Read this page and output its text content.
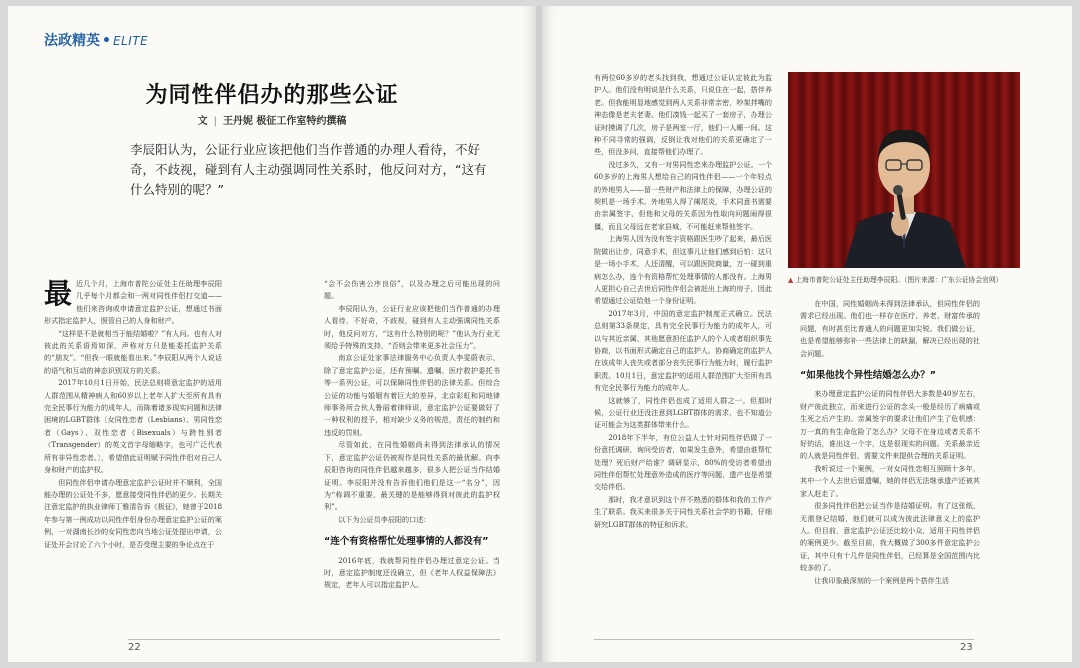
法政精英 • ELITE
为同性伴侣办的那些公证
文 | 王丹妮 极征工作室特约撰稿
李辰阳认为，公证行业应该把他们当作普通的办理人看待，不好奇，不歧视，碰到有人主动强调同性关系时，他反问对方，“这有什么特别的呢？”

最近几个月，上海市普陀公证处主任助理李辰阳几乎每个月都会和一两对同性伴侣打交道——他们来咨询或申请意定监护公证，想通过书面形式指定监护人，照管自己的人身和财产。

“这样是不是就相当于能结婚啦？”有人问。也有人对彼此的关系语焉如深，声称对方只是能委托监护关系的“朋友”。“但我一眼就能看出来。”李辰阳从两个人说话的语气和互动的神态识别双方的关系。

2017年10月1日开始，民法总则将意定监护的适用人群范围从精神病人和60岁以上老年人扩大至所有具有完全民事行为能力的成年人，而陈着诸多现实问题和法律困境的LGBT群体〔女同性恋者（Lesbians）、男同性恋者（Gays）、双性恋者（Bisexuals）与跨性别者（Transgender）的英文首字母缩略字，也可广泛代表所有非异性恋者。〕，希望借此证明赋予同性伴侣对自己人身和财产的监护权。

但同性伴侣申请办理意定监护公证时并不顺利，全国能办理的公证处不多，愿意接受同性伴侣的更少。长期关注意定监护的执业律师丁雅清告诉《极征》，她曾于2018年参与第一例成功以同性伴侣身份办理意定监护公证的案例，一对湖南长沙的女同性恋向当地公证处提出申请，公证处开会讨论了六个小时，是否受理主要的争论点在于

“会不会伤害公序良俗”，以及办理之后可能出现的问题。

李辰阳认为，公证行业应该把他们当作普通的办理人看待，不好奇，不歧视，碰到有人主动强调同性关系时，他反问对方，“这有什么特别的呢？”他认为行业无须给予特殊的支持，“否则会带来更多社会压力”。

南京公证处家事法律服务中心负责人李雯蔚表示，除了意定监护公证，还有预嘱、遗嘱、医疗救护委托书等一系列公证，可以保障同性伴侣的法律关系。但综合公证的功能与婚姻有着巨大的差异，北京彩虹和同地律师事务所合伙人鲁丽着律师说，意定监护公证要做好了一种权利的授予，相对缺少义务的规范，责任的制约和违反的罚则。

尽管如此，在同性婚姻尚未得到法律承认的情况下，意定监护公证仍被视作是同性关系的最优解。向李辰阳咨询的同性伴侣越来越多，很多人把公证当作结婚证明。李辰阳并没有告诉他们他们是这一“名分”，因为“称调不重要，最关键的是能够得到对彼此的监护权利”。

以下为公证员李辰阳的口述：

“连个有资格帮忙处理事情的人都没有”

2016年底，我就帮同性伴侣办理过意定公证。当时，意定监护制度还没确立，但《老年人权益保障法》规定，老年人可以指定监护人。

22

有两位60多岁的老头找到我，想通过公证认定彼此为监护人。他们没有明说是什么关系，只说住在一起，搭伴养老。但我能明显地感觉到两人关系非常亲密，吵架拌嘴的神态像是老夫老妻。他们凑钱一起买了一套房子，办理公证时摸调了几次，房子是两室一厅，他们一人睡一间。这种不同寻常的强调，反倒让我对他们的关系更确定了一些，但没多问，直接帮他们办理了。

没过多久，又有一对男同性恋来办理监护公证。一个60多岁的上海男人想给自己的同性伴侣——一个年轻点的外地男人——留一些财产和法律上的保障，办理公证的契机是一场手术。外地男人得了阑尾炎，手术同意书需要由亲属签字，但他和父母的关系因为性取向问题闹得很僵，而且父母远在老家县城，不可能赶来帮他签字。

上海男人因为没有签字资格跟医生吵了起来，最后医院做出让步，同意手术，但这事儿让他们感到后怕：这只是一场小手术，人还清醒，可以跟医院商量，万一碰到重病怎么办，连个有资格帮忙处理事情的人都没有。上海男人更担心自己去世后同性伴侣会被赶出上海的房子，因此希望通过公证给他一个身份证明。

2017年3月，中国的意定监护制度正式确立。民法总则第33条规定，具有完全民事行为能力的成年人，可以与其近亲属、其他愿意担任监护人的个人或者组织事先协商，以书面形式确定自己的监护人。协商确定的监护人在该成年人丧失或者部分丧失民事行为能力时，履行监护职责。10月1日，意定监护的适用人群范围扩大至所有具有完全民事行为能力的成年人。

这就够了，同性伴侣也成了适用人群之一。但那时候，公证行业还没注意到LGBT群体的需求，也不知道公证可能会为这类群体带来什么。

2018年下半年，有位公益人士针对同性伴侣做了一份意托调研，询问受访者，如果发生意外，希望由谁帮忙处理？死后财产给谁？调研显示，80%的受访者希望由同性伴侣帮忙处理意外造成的医疗等问题，遗产也是希望交给伴侣。

那时，我才意识到这个并不熟悉的群体和我的工作产生了联系。我买来很多关于同性关系社会学的书籍，仔细研究LGBT群体的特征和诉求。

▲ 上海市普陀公证处主任助理李辰阳。（图片来源：广东公证协会官网）

在中国，同性婚姻尚未得到法律承认，但同性伴侣的需求已经出现。他们也一样存在医疗、养老、财富传承的问题，有时甚至比普通人的问题更加尖锐。我们做公证，也是希望能够弥补一些法律上的缺漏，解决已经出现的社会问题。

“如果他找个异性结婚怎么办？”

来办理意定监护公证的同性伴侣大多数是40岁左右，财产彼此独立，而来进行公证的念头一般是经历了病痛或生死之后产生的。亲属签字的要求让他们产生了危机感：万一真的有生命危险了怎么办？父母不在身边或者关系不好的话，谁出这一个字，这是很现实的问题。关系最亲近的人就是同性伴侣，需要文件来提供合理的关系证明。

我听说过一个案例，一对女同性恋相互照顾十多年，其中一个人去世后留遗嘱，她的伴侣无法继承遗产还被其家人赶走了。

很多同性伴侣把公证当作是结婚证明。有了这张纸，无需登记结婚，他们就可以成为彼此法律意义上的监护人。但目前，意定监护公证还比较小众，适用于同性伴侣的案例更少。截至目前，我大概做了300多件意定监护公证，其中只有十几件是同性伴侣，已经算是全国范围内比较多的了。

让我印象最深刻的一个案例是两个搭伴生活

23
